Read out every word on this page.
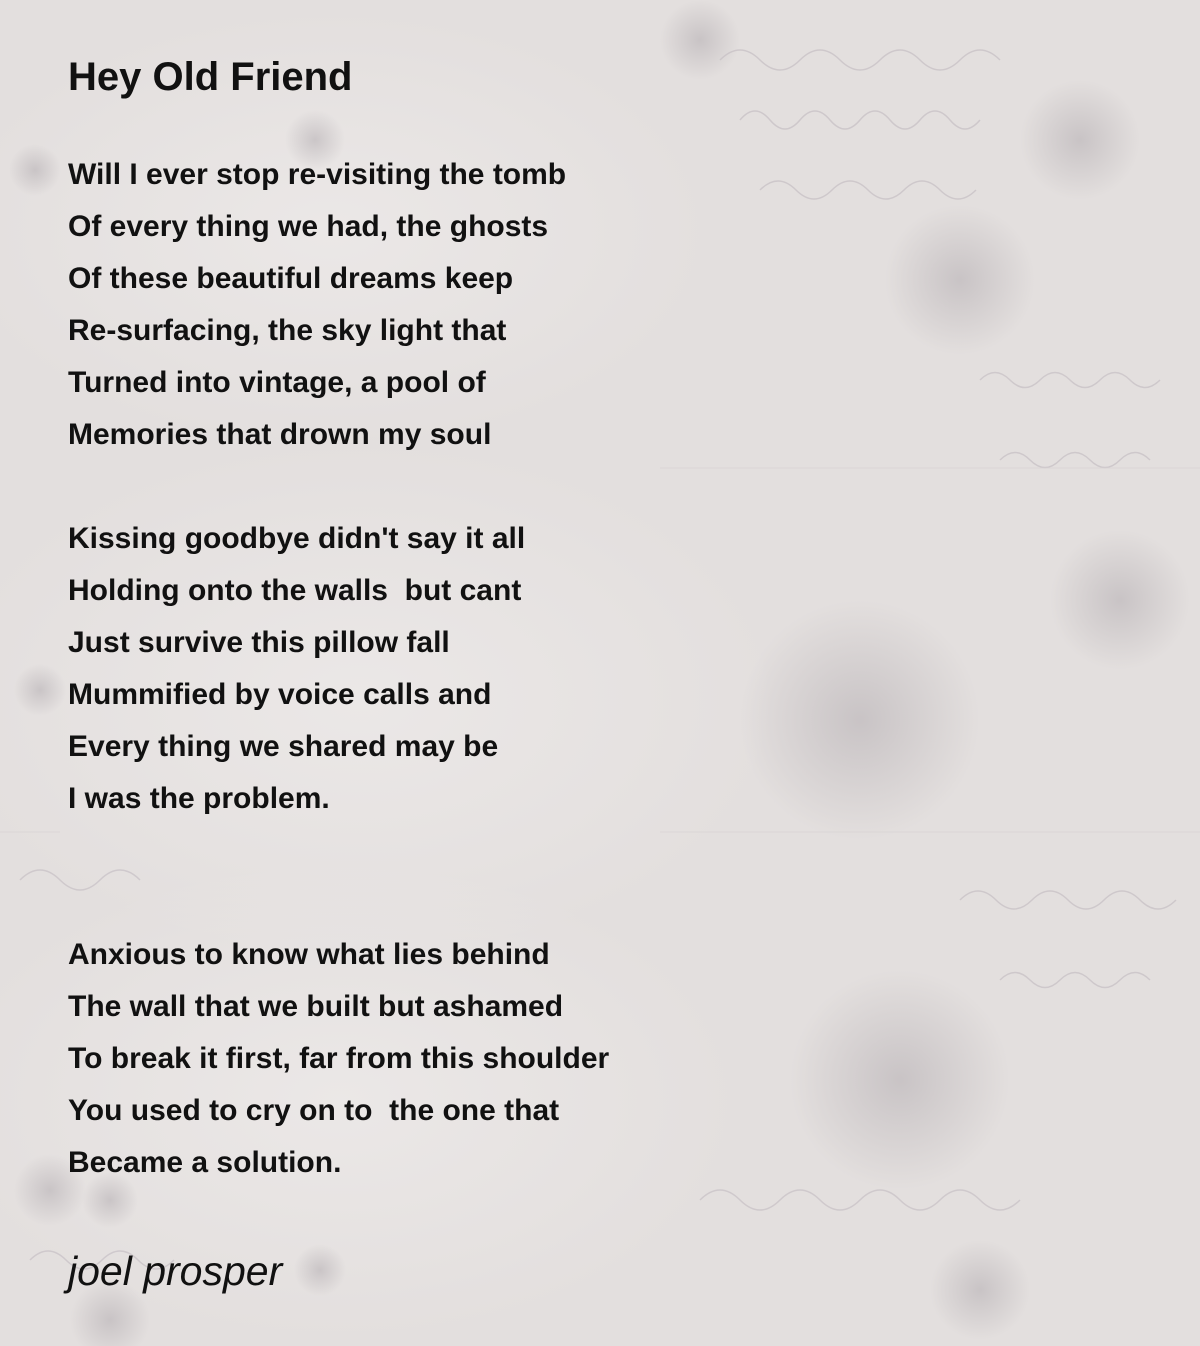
Hey Old Friend
Will I ever stop re-visiting the tomb
Of every thing we had, the ghosts
Of these beautiful dreams keep
Re-surfacing, the sky light that
Turned into vintage, a pool of
Memories that drown my soul
Kissing goodbye didn't say it all
Holding onto the walls  but cant
Just survive this pillow fall
Mummified by voice calls and
Every thing we shared may be
I was the problem.
Anxious to know what lies behind
The wall that we built but ashamed
To break it first, far from this shoulder
You used to cry on to  the one that
Became a solution.

joel prosper
